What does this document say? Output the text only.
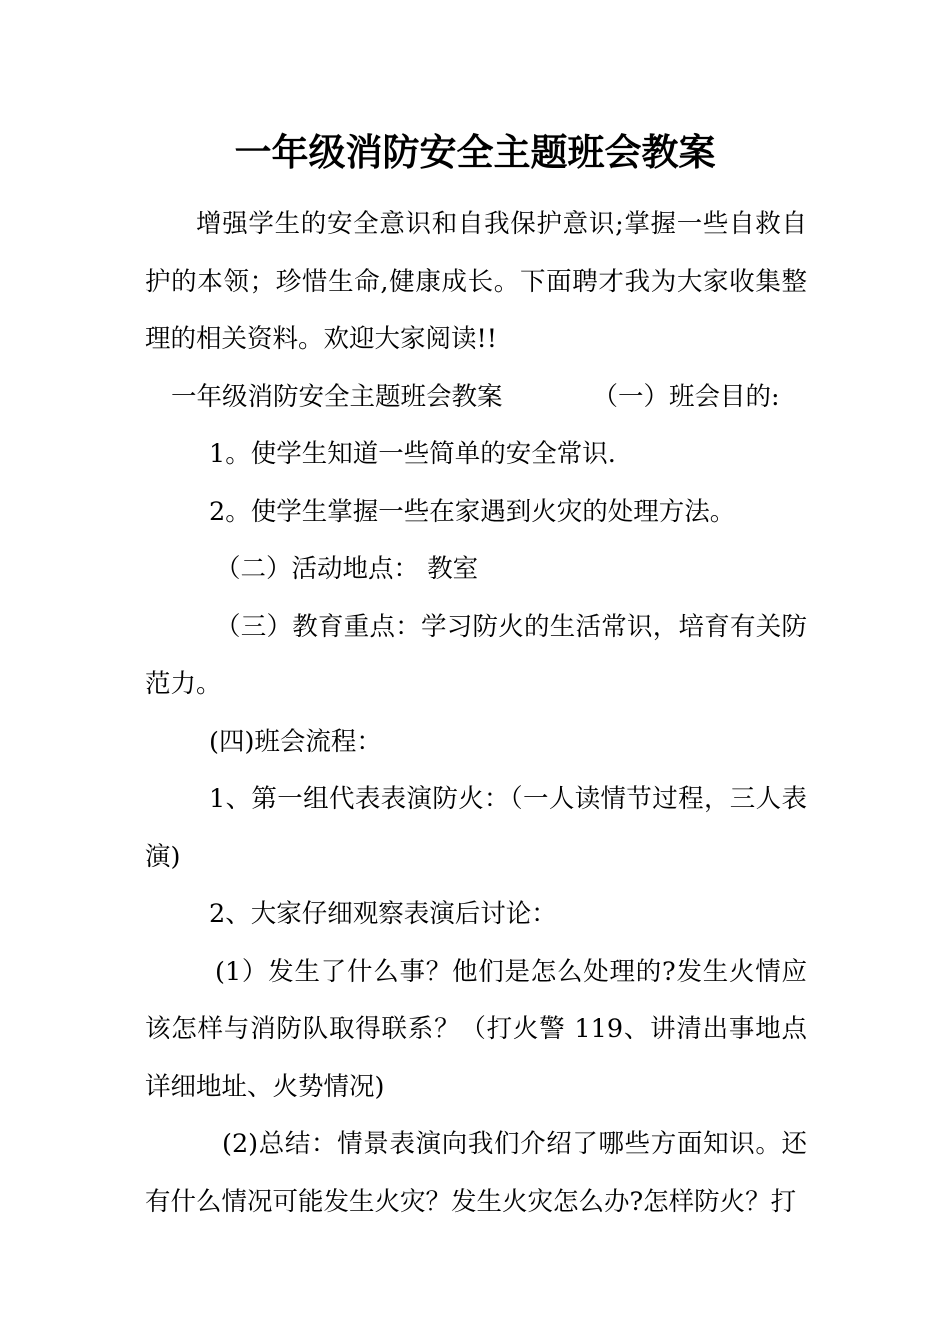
一年级消防安全主题班会教案

增强学生的安全意识和自我保护意识;掌握一些自救自护的本领；珍惜生命,健康成长。下面聘才我为大家收集整理的相关资料。欢迎大家阅读!!

一年级消防安全主题班会教案	（一）班会目的:

1。使学生知道一些简单的安全常识.

2。使学生掌握一些在家遇到火灾的处理方法。

（二）活动地点： 教室

（三）教育重点：学习防火的生活常识，培育有关防范力。

(四)班会流程：

1、第一组代表表演防火：（一人读情节过程，三人表演)

2、大家仔细观察表演后讨论：

(1）发生了什么事？他们是怎么处理的?发生火情应该怎样与消防队取得联系？（打火警 119、讲清出事地点详细地址、火势情况)

(2)总结：情景表演向我们介绍了哪些方面知识。还有什么情况可能发生火灾？发生火灾怎么办?怎样防火？打
